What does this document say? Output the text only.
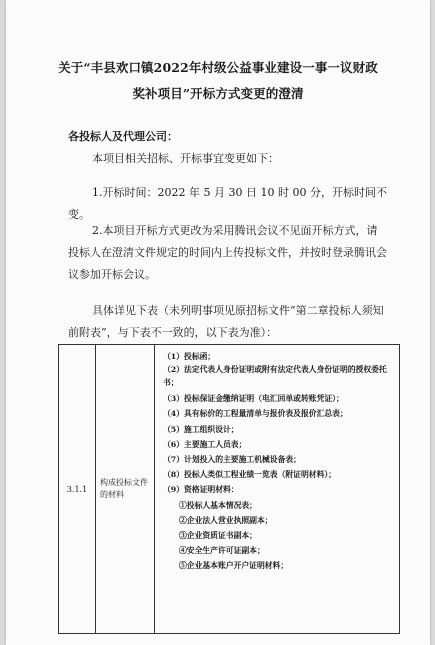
关于“丰县欢口镇2022年村级公益事业建设一事一议财政
奖补项目”开标方式变更的澄清
各投标人及代理公司：
本项目相关招标、开标事宜变更如下：
1.开标时间：2022 年 5 月 30 日 10 时 00 分，开标时间不变。
2.本项目开标方式更改为采用腾讯会议不见面开标方式，请投标人在澄清文件规定的时间内上传投标文件，并按时登录腾讯会议参加开标会议。
具体详见下表（未列明事项见原招标文件“第二章投标人须知前附表”，与下表不一致的，以下表为准）：
3.1.1	构成投标文件的材料	
（1）投标函；
（2）法定代表人身份证明或附有法定代表人身份证明的授权委托书；
（3）投标保证金缴纳证明（电汇回单或转账凭证）；
（4）具有标价的工程量清单与报价表及报价汇总表；
（5）施工组织设计；
（6）主要施工人员表；
（7）计划投入的主要施工机械设备表；
（8）投标人类似工程业绩一览表（附证明材料）；
（9）资格证明材料：
①投标人基本情况表；
②企业法人营业执照副本；
③企业资质证书副本；
④安全生产许可证副本；
⑤企业基本账户开户证明材料；
